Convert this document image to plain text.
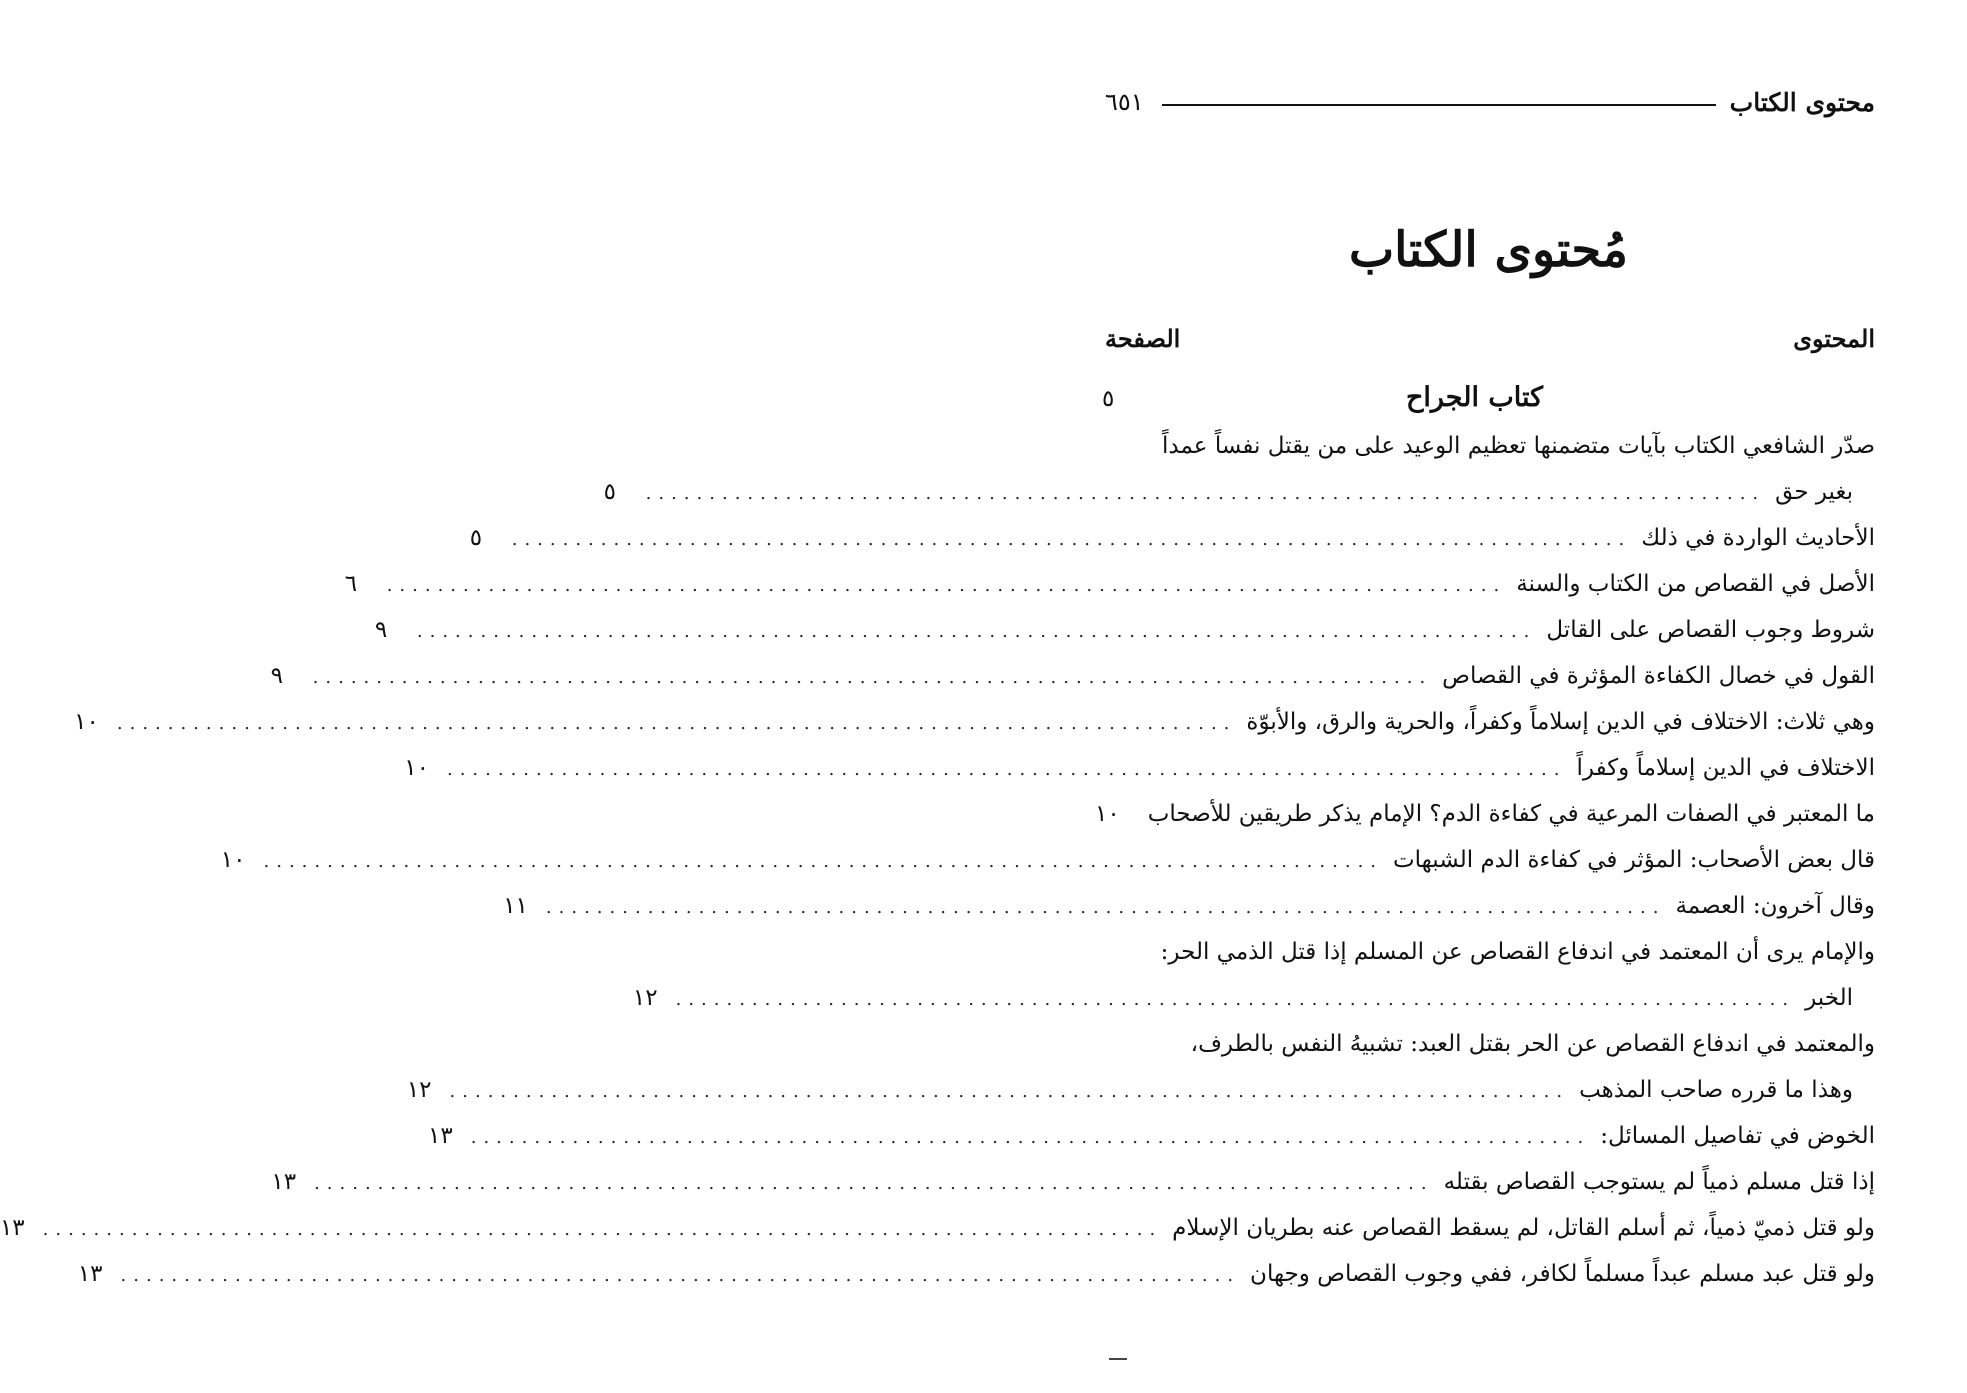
محتوى الكتاب
٦٥١
مُحتوى الكتاب
المحتوى
الصفحة
كتاب الجراح
٥
صدّر الشافعي الكتاب بآيات متضمنها تعظيم الوعيد على من يقتل نفساً عمداً
بغير حق
........................................................................................
٥
الأحاديث الواردة في ذلك
........................................................................................
٥
الأصل في القصاص من الكتاب والسنة
........................................................................................
٦
شروط وجوب القصاص على القاتل
........................................................................................
٩
القول في خصال الكفاءة المؤثرة في القصاص
........................................................................................
٩
وهي ثلاث: الاختلاف في الدين إسلاماً وكفراً، والحرية والرق، والأبوّة
........................................................................................
١٠
الاختلاف في الدين إسلاماً وكفراً
........................................................................................
١٠
ما المعتبر في الصفات المرعية في كفاءة الدم؟ الإمام يذكر طريقين للأصحاب
١٠
قال بعض الأصحاب: المؤثر في كفاءة الدم الشبهات
........................................................................................
١٠
وقال آخرون: العصمة
........................................................................................
١١
والإمام يرى أن المعتمد في اندفاع القصاص عن المسلم إذا قتل الذمي الحر:
الخبر
........................................................................................
١٢
والمعتمد في اندفاع القصاص عن الحر بقتل العبد: تشبيهُ النفس بالطرف،
وهذا ما قرره صاحب المذهب
........................................................................................
١٢
الخوض في تفاصيل المسائل:
........................................................................................
١٣
إذا قتل مسلم ذمياً لم يستوجب القصاص بقتله
........................................................................................
١٣
ولو قتل ذميّ ذمياً، ثم أسلم القاتل، لم يسقط القصاص عنه بطريان الإسلام
........................................................................................
١٣
ولو قتل عبد مسلم عبداً مسلماً لكافر، ففي وجوب القصاص وجهان
........................................................................................
١٣
